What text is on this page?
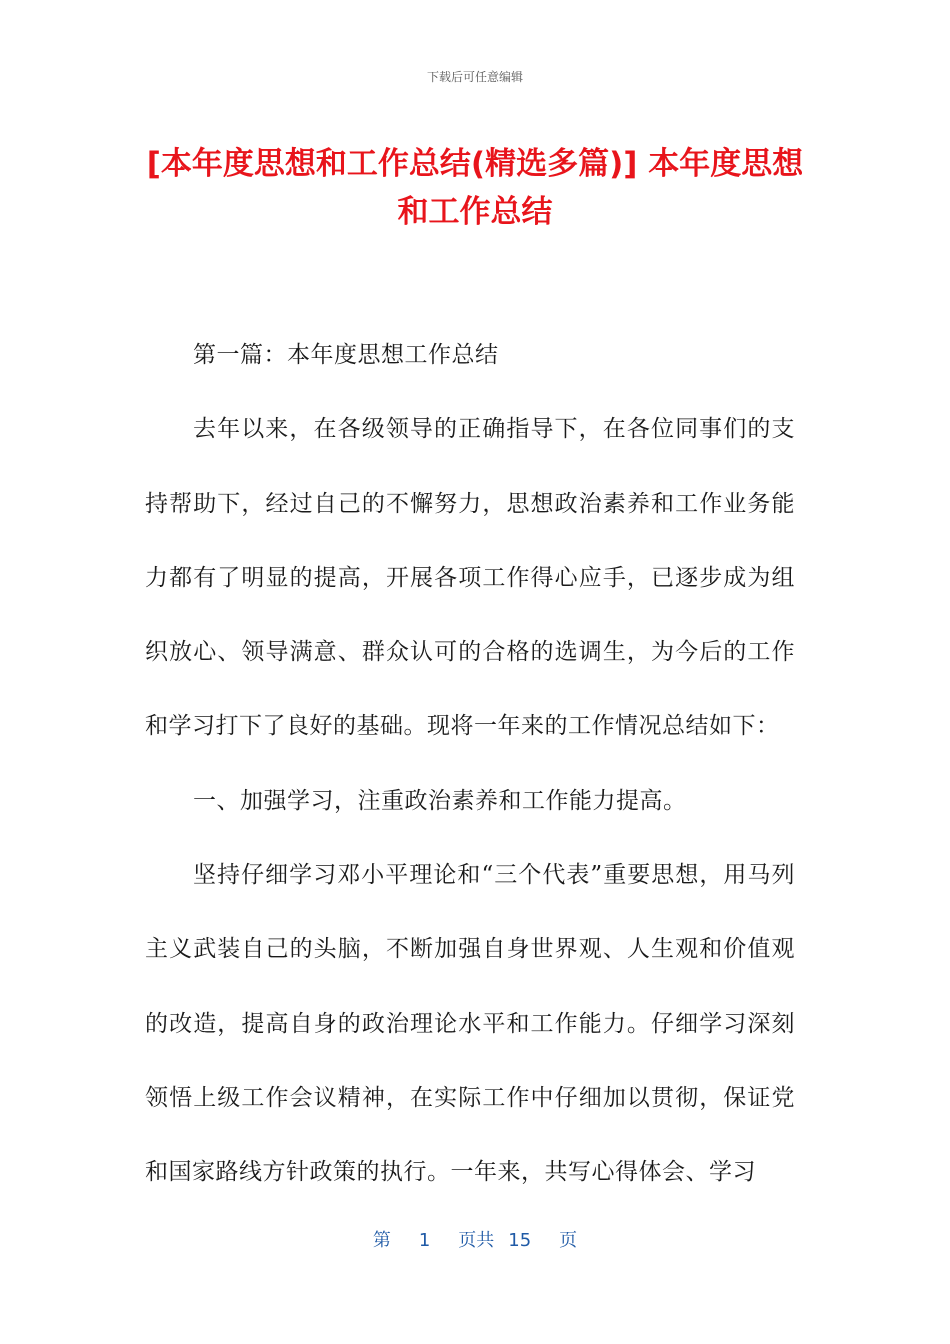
下载后可任意编辑
[本年度思想和工作总结(精选多篇)] 本年度思想和工作总结

第一篇：本年度思想工作总结

去年以来，在各级领导的正确指导下，在各位同事们的支持帮助下，经过自己的不懈努力，思想政治素养和工作业务能力都有了明显的提高，开展各项工作得心应手，已逐步成为组织放心、领导满意、群众认可的合格的选调生，为今后的工作和学习打下了良好的基础。现将一年来的工作情况总结如下：

一、加强学习，注重政治素养和工作能力提高。

坚持仔细学习邓小平理论和“三个代表”重要思想，用马列主义武装自己的头脑，不断加强自身世界观、人生观和价值观的改造，提高自身的政治理论水平和工作能力。仔细学习深刻领悟上级工作会议精神，在实际工作中仔细加以贯彻，保证党和国家路线方针政策的执行。一年来，共写心得体会、学习

第 1 页共 15 页
